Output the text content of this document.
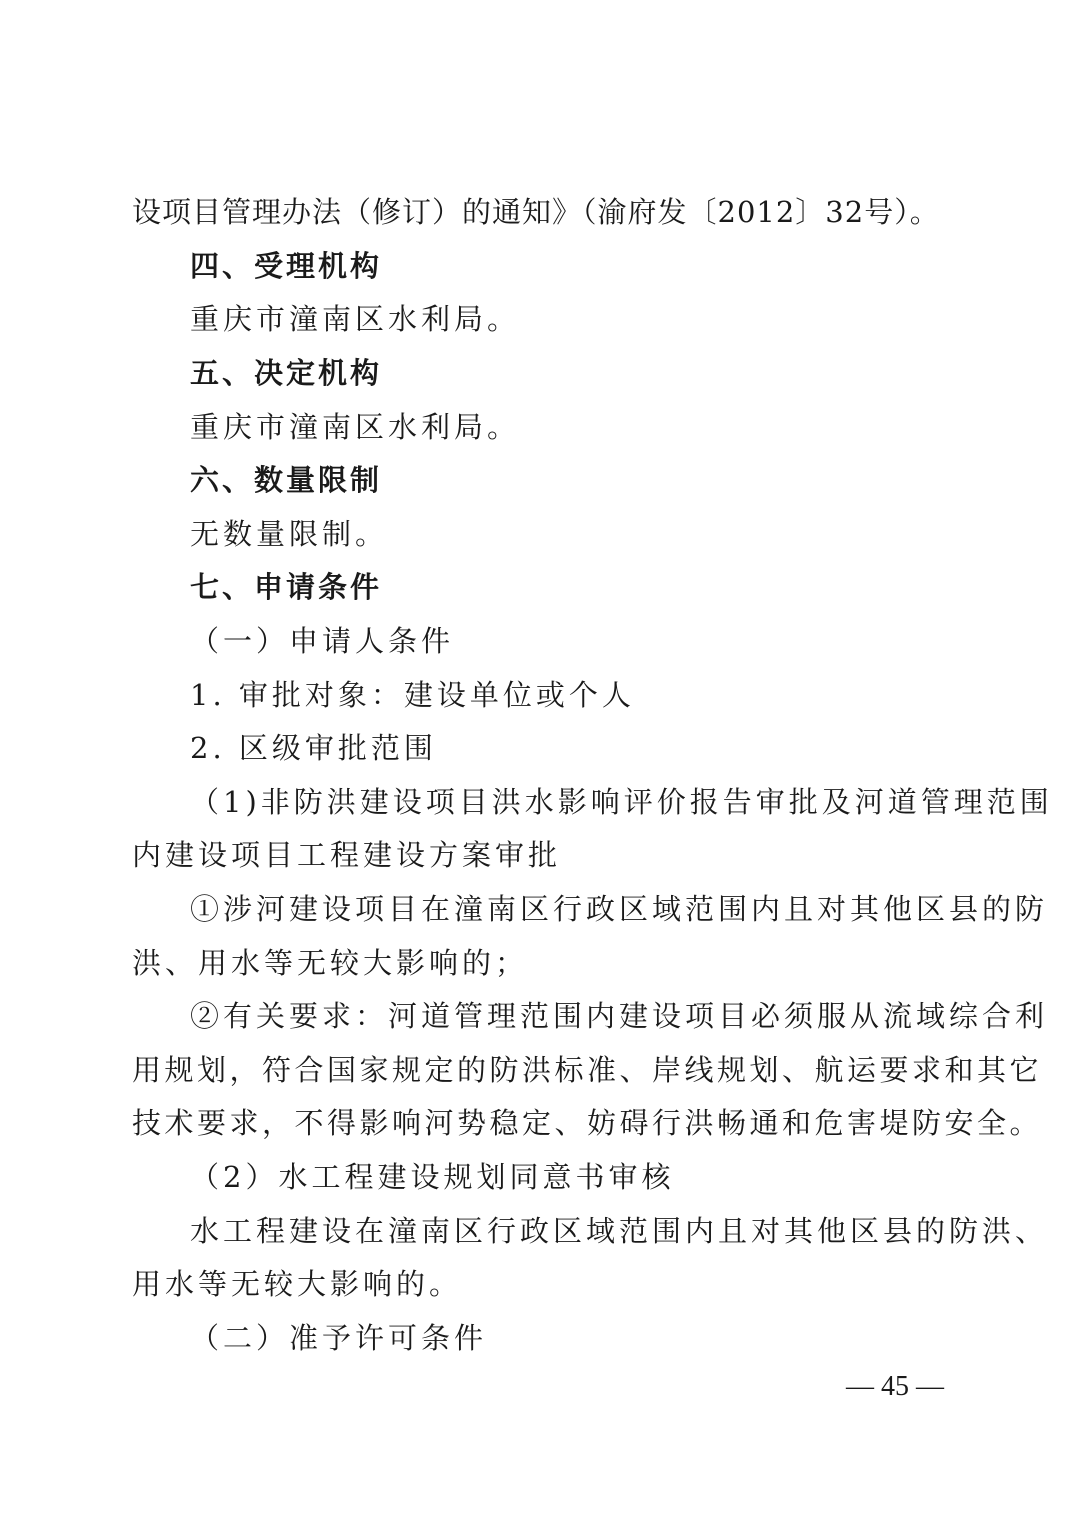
设项目管理办法（修订）的通知》（渝府发〔2012〕32号）。
四、受理机构
重庆市潼南区水利局。
五、决定机构
重庆市潼南区水利局。
六、数量限制
无数量限制。
七、申请条件
（一）申请人条件
1. 审批对象：建设单位或个人
2. 区级审批范围
（1)非防洪建设项目洪水影响评价报告审批及河道管理范围
内建设项目工程建设方案审批
①涉河建设项目在潼南区行政区域范围内且对其他区县的防
洪、用水等无较大影响的；
②有关要求：河道管理范围内建设项目必须服从流域综合利
用规划，符合国家规定的防洪标准、岸线规划、航运要求和其它
技术要求，不得影响河势稳定、妨碍行洪畅通和危害堤防安全。
（2）水工程建设规划同意书审核
水工程建设在潼南区行政区域范围内且对其他区县的防洪、
用水等无较大影响的。
（二）准予许可条件
— 45 —
